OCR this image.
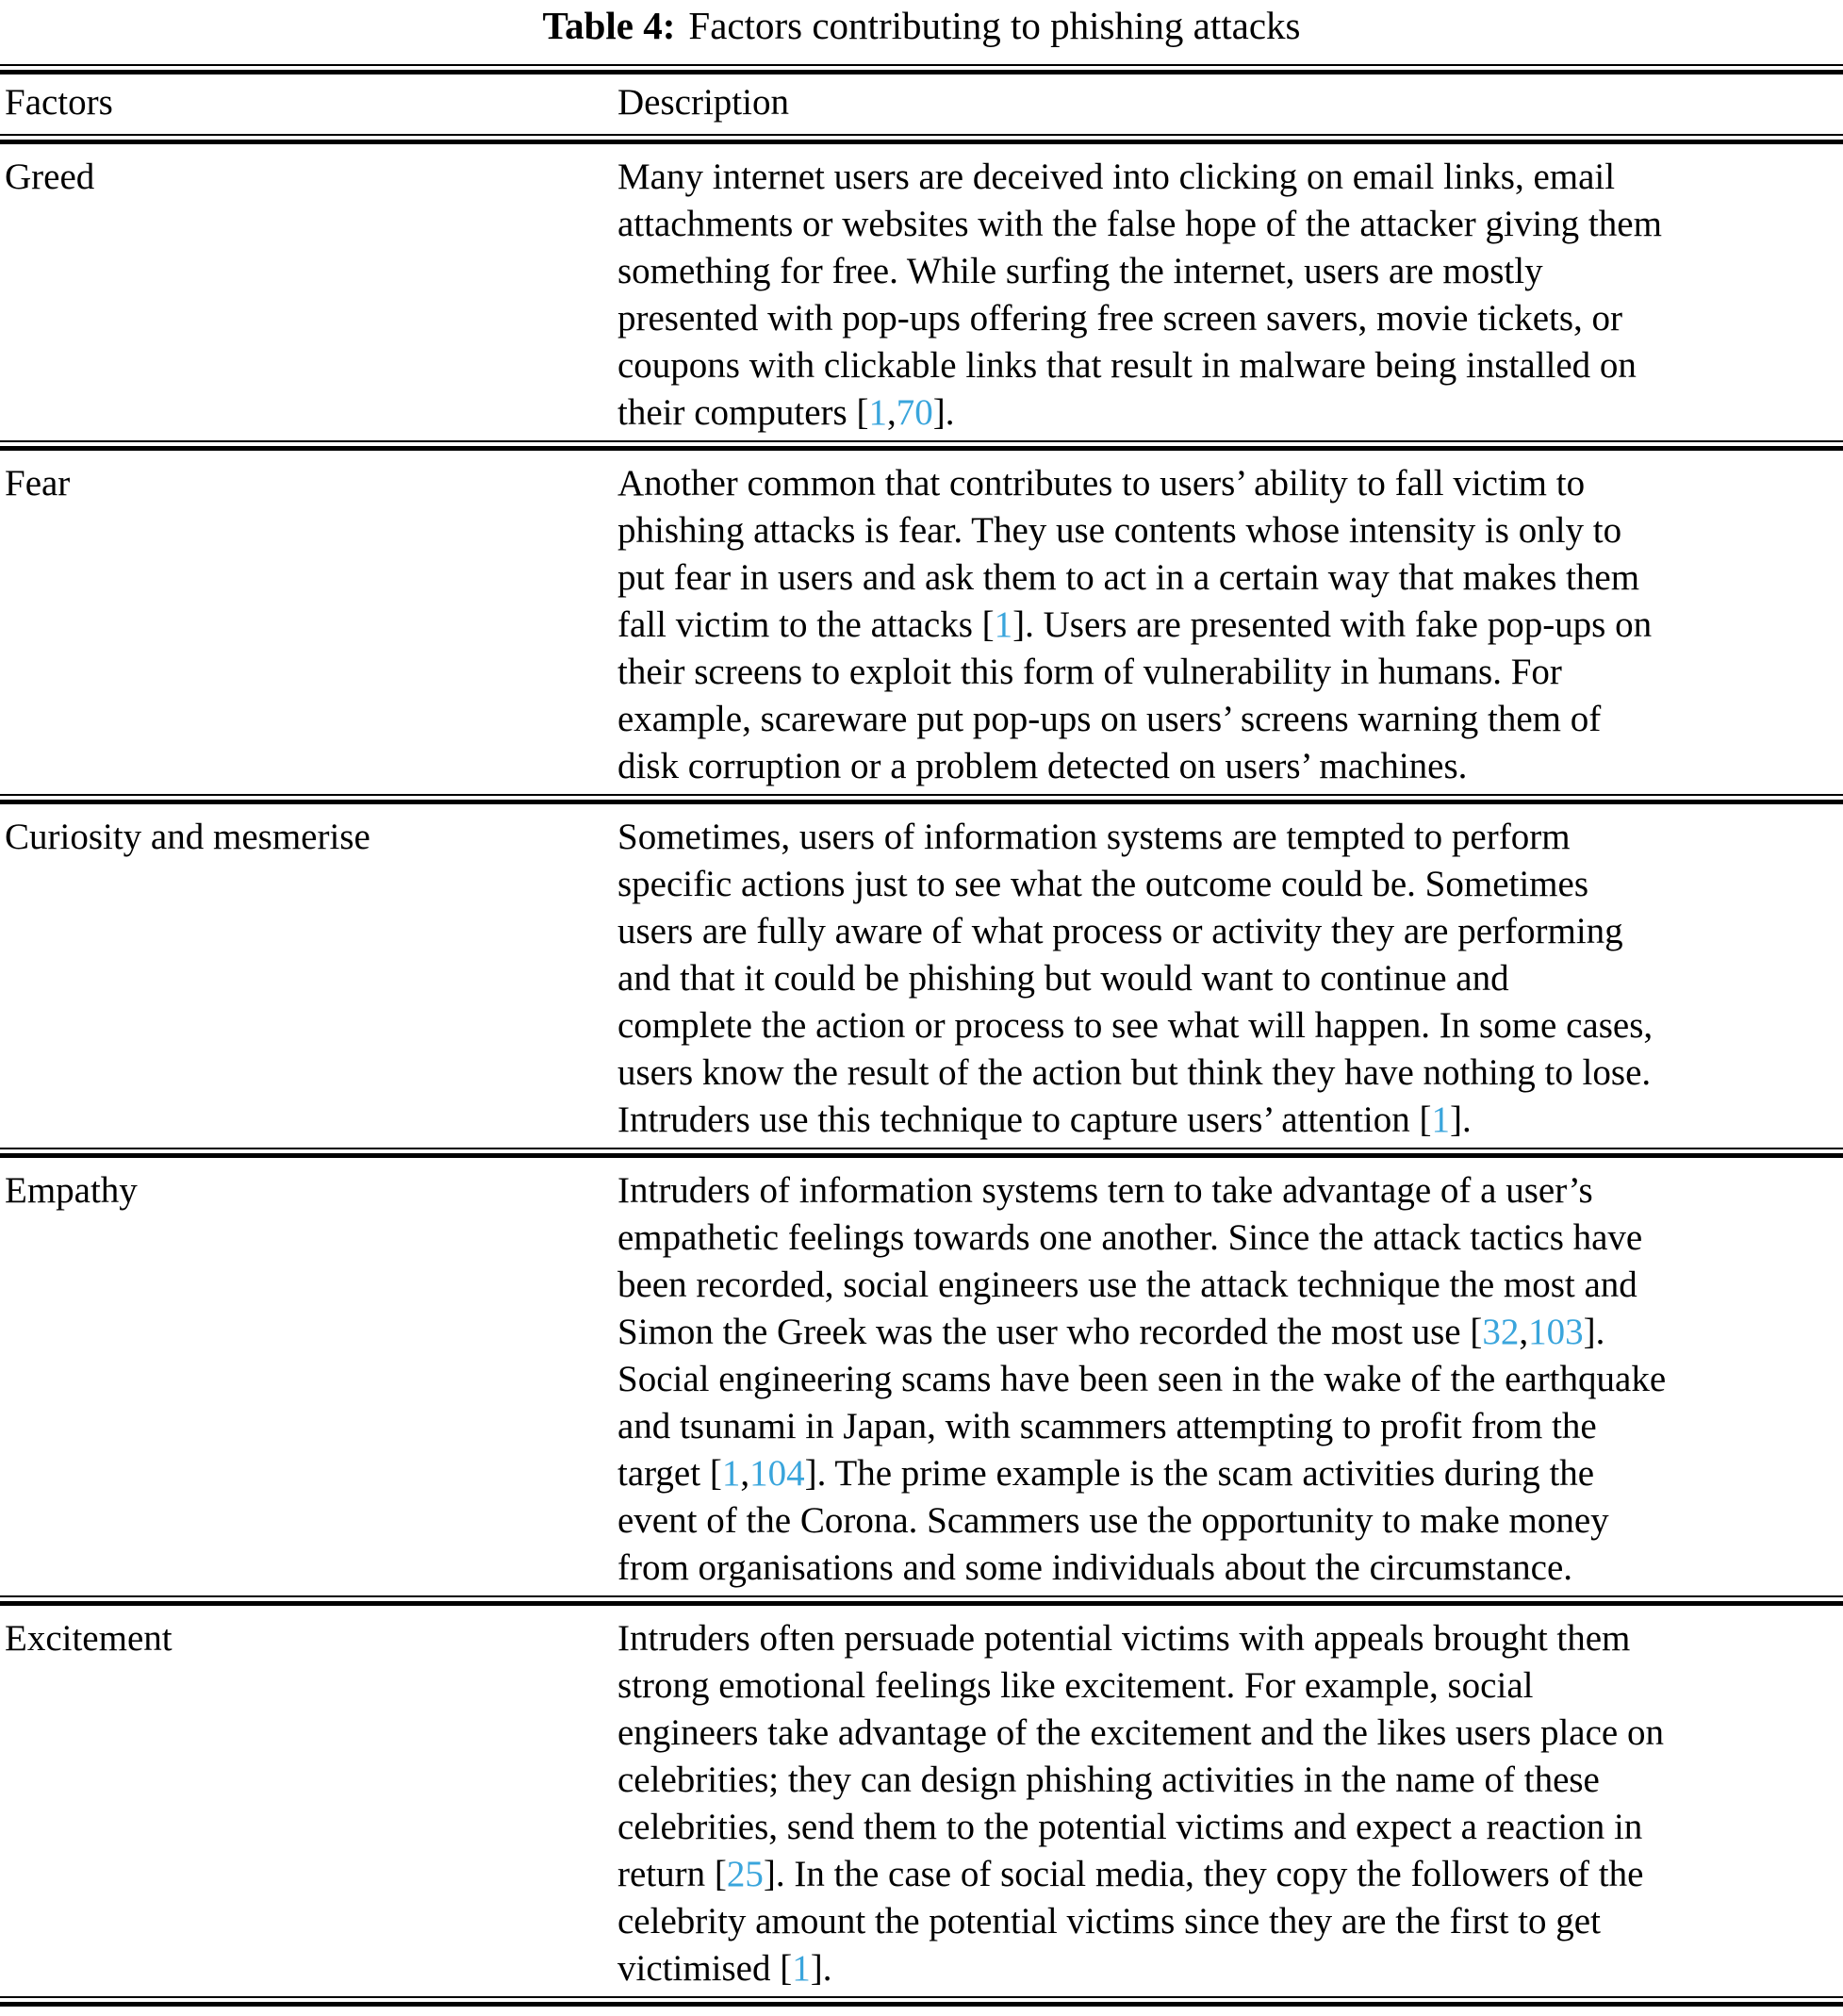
Table 4: Factors contributing to phishing attacks
Factors	Description
Greed	Many internet users are deceived into clicking on email links, email
attachments or websites with the false hope of the attacker giving them
something for free. While surfing the internet, users are mostly
presented with pop-ups offering free screen savers, movie tickets, or
coupons with clickable links that result in malware being installed on
their computers [1,70].
Fear	Another common that contributes to users’ ability to fall victim to
phishing attacks is fear. They use contents whose intensity is only to
put fear in users and ask them to act in a certain way that makes them
fall victim to the attacks [1]. Users are presented with fake pop-ups on
their screens to exploit this form of vulnerability in humans. For
example, scareware put pop-ups on users’ screens warning them of
disk corruption or a problem detected on users’ machines.
Curiosity and mesmerise	Sometimes, users of information systems are tempted to perform
specific actions just to see what the outcome could be. Sometimes
users are fully aware of what process or activity they are performing
and that it could be phishing but would want to continue and
complete the action or process to see what will happen. In some cases,
users know the result of the action but think they have nothing to lose.
Intruders use this technique to capture users’ attention [1].
Empathy	Intruders of information systems tern to take advantage of a user’s
empathetic feelings towards one another. Since the attack tactics have
been recorded, social engineers use the attack technique the most and
Simon the Greek was the user who recorded the most use [32,103].
Social engineering scams have been seen in the wake of the earthquake
and tsunami in Japan, with scammers attempting to profit from the
target [1,104]. The prime example is the scam activities during the
event of the Corona. Scammers use the opportunity to make money
from organisations and some individuals about the circumstance.
Excitement	Intruders often persuade potential victims with appeals brought them
strong emotional feelings like excitement. For example, social
engineers take advantage of the excitement and the likes users place on
celebrities; they can design phishing activities in the name of these
celebrities, send them to the potential victims and expect a reaction in
return [25]. In the case of social media, they copy the followers of the
celebrity amount the potential victims since they are the first to get
victimised [1].
